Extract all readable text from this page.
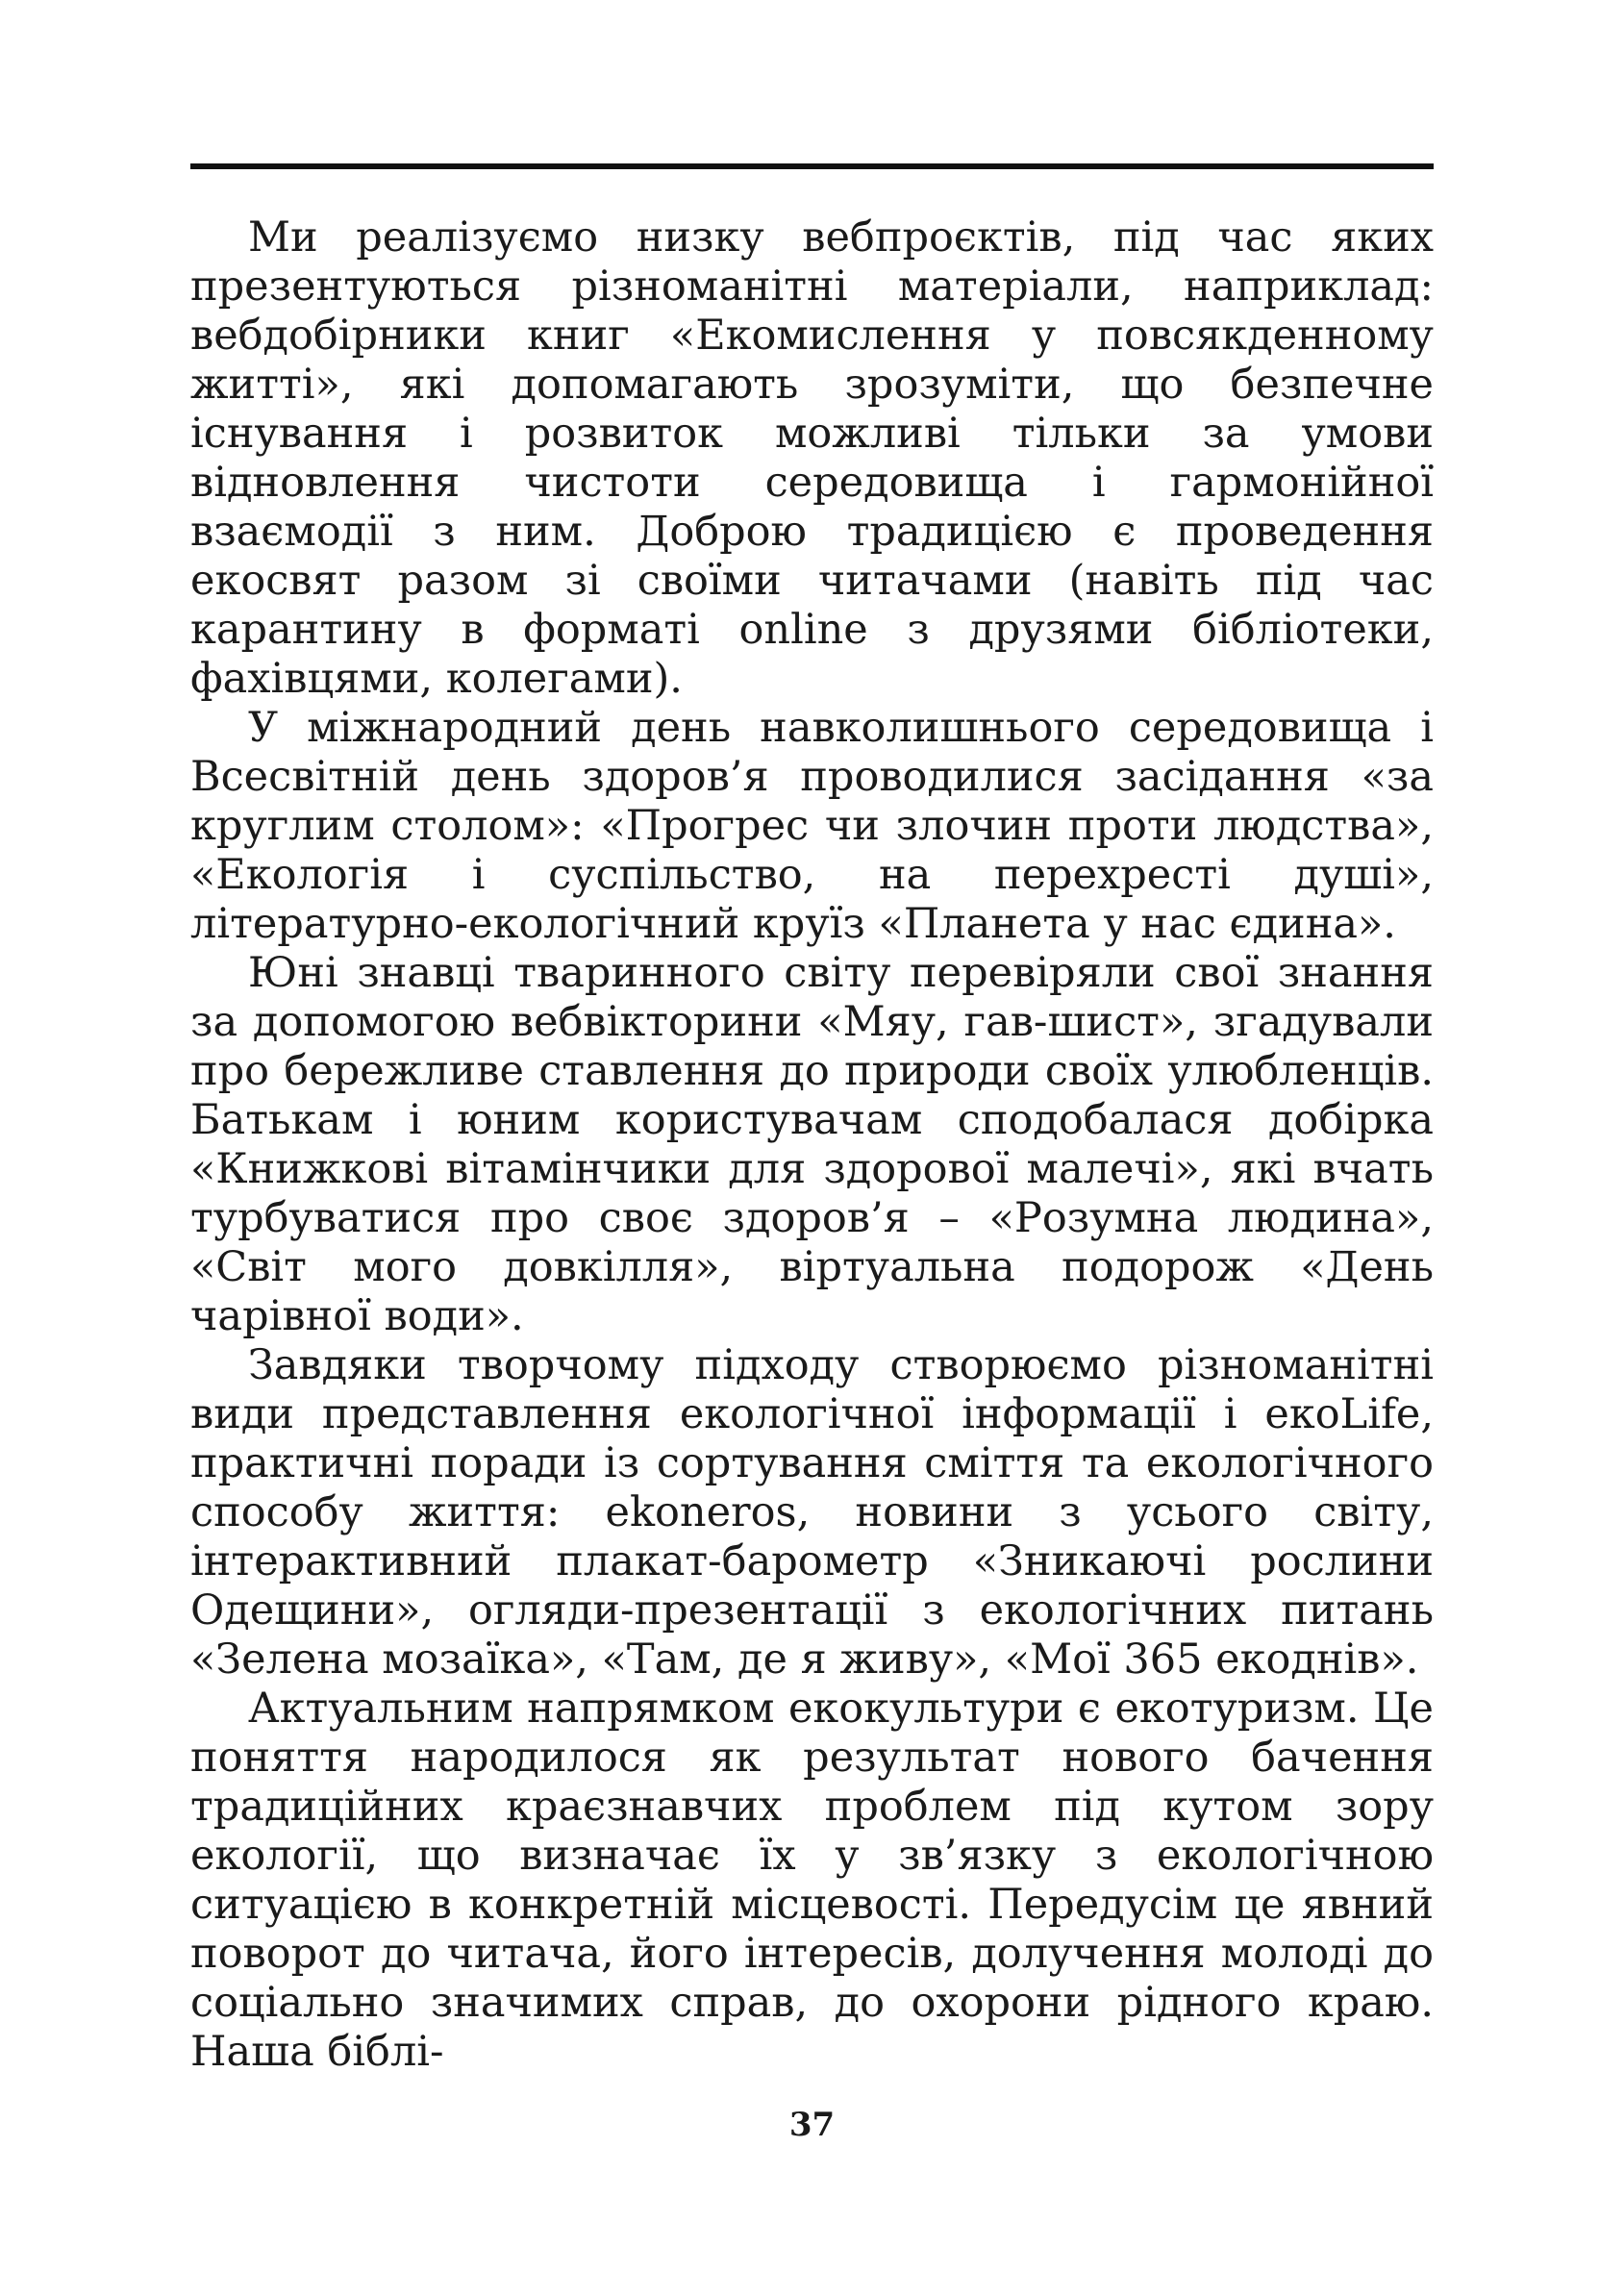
Ми реалізуємо низку вебпроєктів, під час яких презентуються різноманітні матеріали, наприклад: вебдобірники книг «Екомислення у повсякденному житті», які допомагають зрозуміти, що безпечне існування і розвиток можливі тільки за умови відновлення чистоти середовища і гармонійної взаємодії з ним. Доброю традицією є проведення екосвят разом зі своїми читачами (навіть під час карантину в форматі online з друзями бібліотеки, фахівцями, колегами).

У міжнародний день навколишнього середовища і Всесвітній день здоров’я проводилися засідання «за круглим столом»: «Прогрес чи злочин проти людства», «Екологія і суспільство, на перехресті душі», літературно-екологічний круїз «Планета у нас єдина».

Юні знавці тваринного світу перевіряли свої знання за допомогою вебвікторини «Мяу, гав-шист», згадували про бережливе ставлення до природи своїх улюбленців. Батькам і юним користувачам сподобалася добірка «Книжкові вітамінчики для здорової малечі», які вчать турбуватися про своє здоров’я – «Розумна людина», «Світ мого довкілля», віртуальна подорож «День чарівної води».

Завдяки творчому підходу створюємо різноманітні види представлення екологічної інформації і екоLife, практичні поради із сортування сміття та екологічного способу життя: ekoneros, новини з усього світу, інтерактивний плакат-барометр «Зникаючі рослини Одещини», огляди-презентації з екологічних питань «Зелена мозаїка», «Там, де я живу», «Мої 365 екоднів».

Актуальним напрямком екокультури є екотуризм. Це поняття народилося як результат нового бачення традиційних краєзнавчих проблем під кутом зору екології, що визначає їх у зв’язку з екологічною ситуацією в конкретній місцевості. Передусім це явний поворот до читача, його інтересів, долучення молоді до соціально значимих справ, до охорони рідного краю. Наша біблі-

37
